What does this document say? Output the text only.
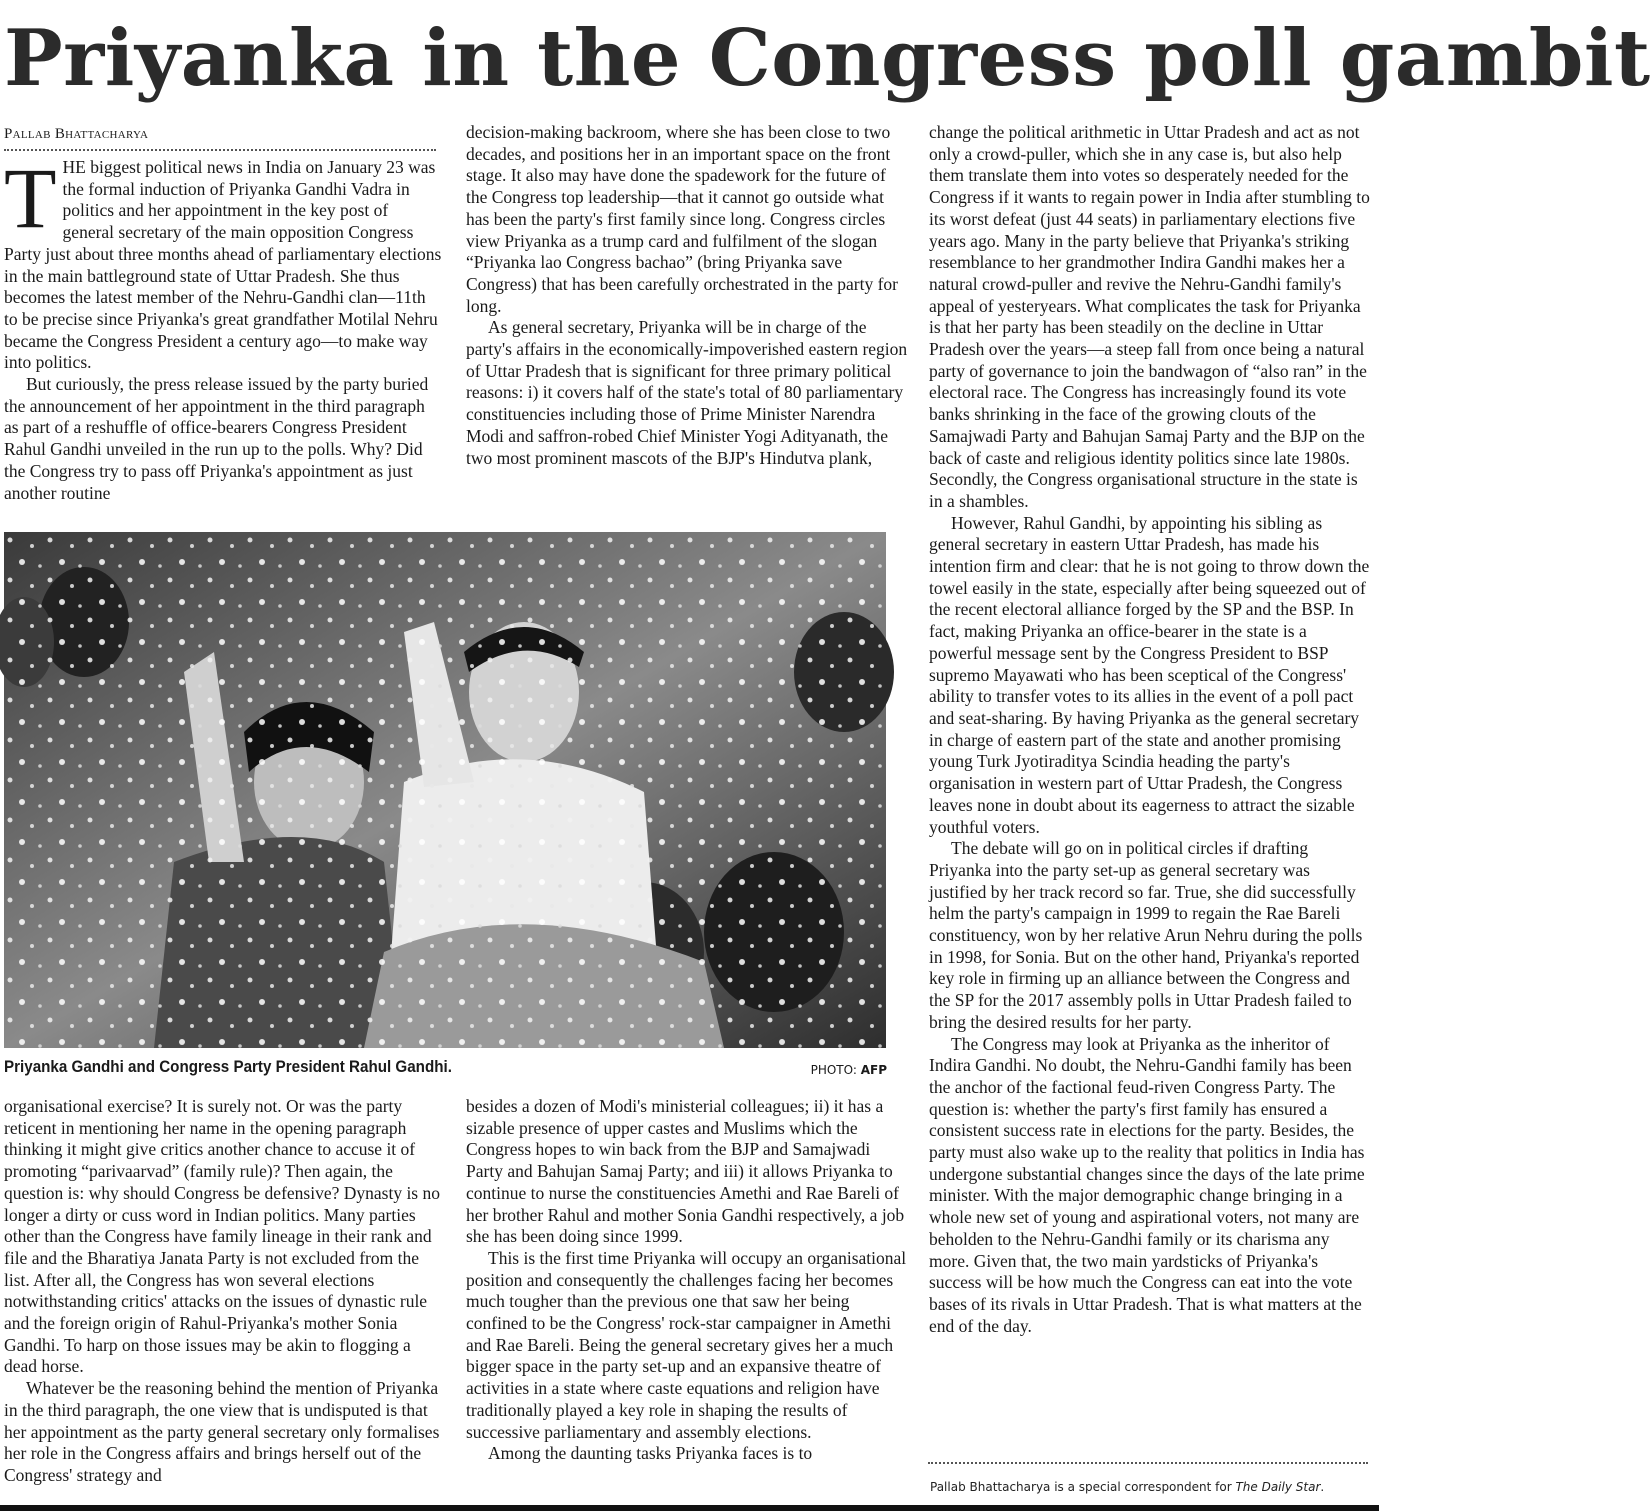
Priyanka in the Congress poll gambit
Pallab Bhattacharya

THE biggest political news in India on January 23 was the formal induction of Priyanka Gandhi Vadra in politics and her appointment in the key post of general secretary of the main opposition Congress Party just about three months ahead of parliamentary elections in the main battleground state of Uttar Pradesh. She thus becomes the latest member of the Nehru-Gandhi clan—11th to be precise since Priyanka's great grandfather Motilal Nehru became the Congress President a century ago—to make way into politics.

But curiously, the press release issued by the party buried the announcement of her appointment in the third paragraph as part of a reshuffle of office-bearers Congress President Rahul Gandhi unveiled in the run up to the polls. Why? Did the Congress try to pass off Priyanka's appointment as just another routine

decision-making backroom, where she has been close to two decades, and positions her in an important space on the front stage. It also may have done the spadework for the future of the Congress top leadership—that it cannot go outside what has been the party's first family since long. Congress circles view Priyanka as a trump card and fulfilment of the slogan “Priyanka lao Congress bachao” (bring Priyanka save Congress) that has been carefully orchestrated in the party for long.

As general secretary, Priyanka will be in charge of the party's affairs in the economically-impoverished eastern region of Uttar Pradesh that is significant for three primary political reasons: i) it covers half of the state's total of 80 parliamentary constituencies including those of Prime Minister Narendra Modi and saffron-robed Chief Minister Yogi Adityanath, the two most prominent mascots of the BJP's Hindutva plank,

change the political arithmetic in Uttar Pradesh and act as not only a crowd-puller, which she in any case is, but also help them translate them into votes so desperately needed for the Congress if it wants to regain power in India after stumbling to its worst defeat (just 44 seats) in parliamentary elections five years ago. Many in the party believe that Priyanka's striking resemblance to her grandmother Indira Gandhi makes her a natural crowd-puller and revive the Nehru-Gandhi family's appeal of yesteryears. What complicates the task for Priyanka is that her party has been steadily on the decline in Uttar Pradesh over the years—a steep fall from once being a natural party of governance to join the bandwagon of “also ran” in the electoral race. The Congress has increasingly found its vote banks shrinking in the face of the growing clouts of the Samajwadi Party and Bahujan Samaj Party and the BJP on the back of caste and religious identity politics since late 1980s. Secondly, the Congress organisational structure in the state is in a shambles.

However, Rahul Gandhi, by appointing his sibling as general secretary in eastern Uttar Pradesh, has made his intention firm and clear: that he is not going to throw down the towel easily in the state, especially after being squeezed out of the recent electoral alliance forged by the SP and the BSP. In fact, making Priyanka an office-bearer in the state is a powerful message sent by the Congress President to BSP supremo Mayawati who has been sceptical of the Congress' ability to transfer votes to its allies in the event of a poll pact and seat-sharing. By having Priyanka as the general secretary in charge of eastern part of the state and another promising young Turk Jyotiraditya Scindia heading the party's organisation in western part of Uttar Pradesh, the Congress leaves none in doubt about its eagerness to attract the sizable youthful voters.

The debate will go on in political circles if drafting Priyanka into the party set-up as general secretary was justified by her track record so far. True, she did successfully helm the party's campaign in 1999 to regain the Rae Bareli constituency, won by her relative Arun Nehru during the polls in 1998, for Sonia. But on the other hand, Priyanka's reported key role in firming up an alliance between the Congress and the SP for the 2017 assembly polls in Uttar Pradesh failed to bring the desired results for her party.

The Congress may look at Priyanka as the inheritor of Indira Gandhi. No doubt, the Nehru-Gandhi family has been the anchor of the factional feud-riven Congress Party. The question is: whether the party's first family has ensured a consistent success rate in elections for the party. Besides, the party must also wake up to the reality that politics in India has undergone substantial changes since the days of the late prime minister. With the major demographic change bringing in a whole new set of young and aspirational voters, not many are beholden to the Nehru-Gandhi family or its charisma any more. Given that, the two main yardsticks of Priyanka's success will be how much the Congress can eat into the vote bases of its rivals in Uttar Pradesh. That is what matters at the end of the day.

Priyanka Gandhi and Congress Party President Rahul Gandhi.	PHOTO: AFP

organisational exercise? It is surely not. Or was the party reticent in mentioning her name in the opening paragraph thinking it might give critics another chance to accuse it of promoting “parivaarvad” (family rule)? Then again, the question is: why should Congress be defensive? Dynasty is no longer a dirty or cuss word in Indian politics. Many parties other than the Congress have family lineage in their rank and file and the Bharatiya Janata Party is not excluded from the list. After all, the Congress has won several elections notwithstanding critics' attacks on the issues of dynastic rule and the foreign origin of Rahul-Priyanka's mother Sonia Gandhi. To harp on those issues may be akin to flogging a dead horse.

Whatever be the reasoning behind the mention of Priyanka in the third paragraph, the one view that is undisputed is that her appointment as the party general secretary only formalises her role in the Congress affairs and brings herself out of the Congress' strategy and

besides a dozen of Modi's ministerial colleagues; ii) it has a sizable presence of upper castes and Muslims which the Congress hopes to win back from the BJP and Samajwadi Party and Bahujan Samaj Party; and iii) it allows Priyanka to continue to nurse the constituencies Amethi and Rae Bareli of her brother Rahul and mother Sonia Gandhi respectively, a job she has been doing since 1999.

This is the first time Priyanka will occupy an organisational position and consequently the challenges facing her becomes much tougher than the previous one that saw her being confined to be the Congress' rock-star campaigner in Amethi and Rae Bareli. Being the general secretary gives her a much bigger space in the party set-up and an expansive theatre of activities in a state where caste equations and religion have traditionally played a key role in shaping the results of successive parliamentary and assembly elections.

Among the daunting tasks Priyanka faces is to

Pallab Bhattacharya is a special correspondent for The Daily Star.
